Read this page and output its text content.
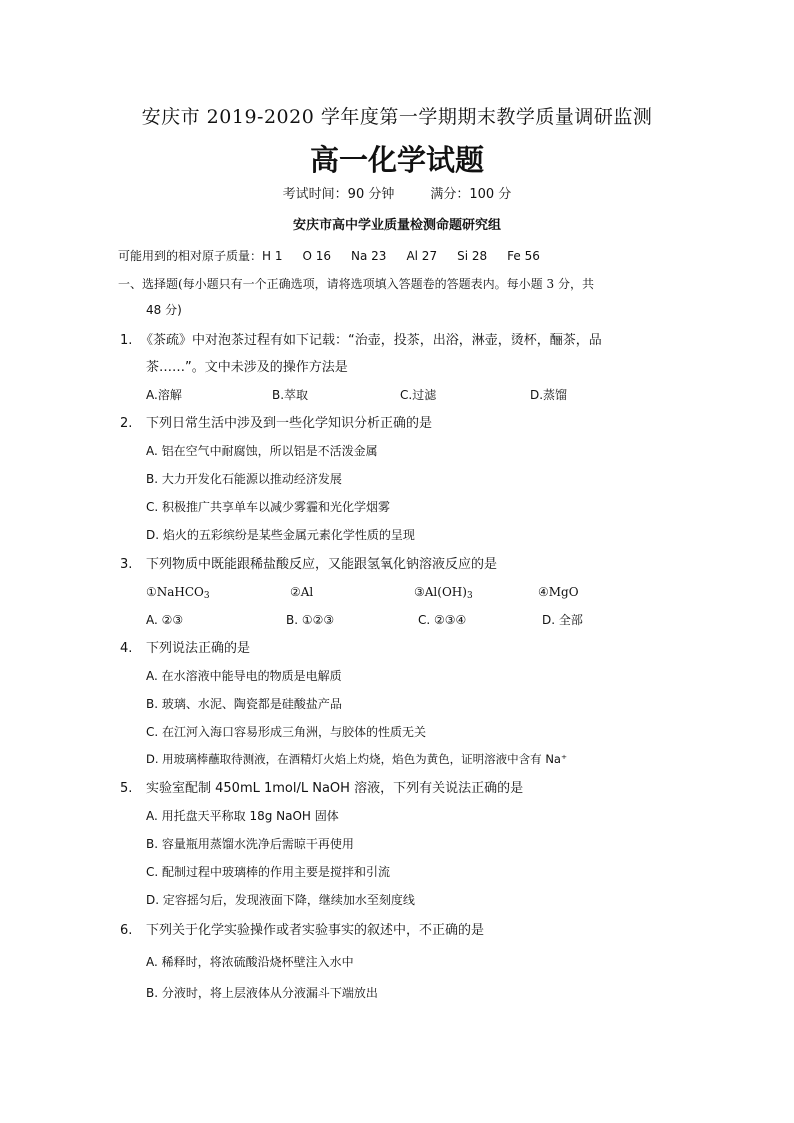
安庆市 2019-2020 学年度第一学期期末教学质量调研监测
高一化学试题
考试时间：90 分钟	满分：100 分
安庆市高中学业质量检测命题研究组
可能用到的相对原子质量：H 1 O 16 Na 23 Al 27 Si 28 Fe 56
一、选择题(每小题只有一个正确选项，请将选项填入答题卷的答题表内。每小题 3 分，共
48 分)
1. 《茶疏》中对泡茶过程有如下记载：“治壶，投茶，出浴，淋壶，烫杯，酾茶，品
茶……”。文中未涉及的操作方法是
A.溶解	B.萃取	C.过滤	D.蒸馏
2. 下列日常生活中涉及到一些化学知识分析正确的是
A. 铝在空气中耐腐蚀，所以铝是不活泼金属
B. 大力开发化石能源以推动经济发展
C. 积极推广共享单车以减少雾霾和光化学烟雾
D. 焰火的五彩缤纷是某些金属元素化学性质的呈现
3. 下列物质中既能跟稀盐酸反应，又能跟氢氧化钠溶液反应的是
①NaHCO$_3$	②Al	$③Al(OH)_3$	④MgO
A. ②③	B. ①②③	C. ②③④	D. 全部
4. 下列说法正确的是
A. 在水溶液中能导电的物质是电解质
B. 玻璃、水泥、陶瓷都是硅酸盐产品
C. 在江河入海口容易形成三角洲，与胶体的性质无关
D. 用玻璃棒蘸取待测液，在酒精灯火焰上灼烧，焰色为黄色，证明溶液中含有 Na⁺
5. 实验室配制 450mL 1mol/L NaOH 溶液，下列有关说法正确的是
A. 用托盘天平称取 18g NaOH 固体
B. 容量瓶用蒸馏水洗净后需晾干再使用
C. 配制过程中玻璃棒的作用主要是搅拌和引流
D. 定容摇匀后，发现液面下降，继续加水至刻度线
6. 下列关于化学实验操作或者实验事实的叙述中，不正确的是
A. 稀释时，将浓硫酸沿烧杯壁注入水中
B. 分液时，将上层液体从分液漏斗下端放出
